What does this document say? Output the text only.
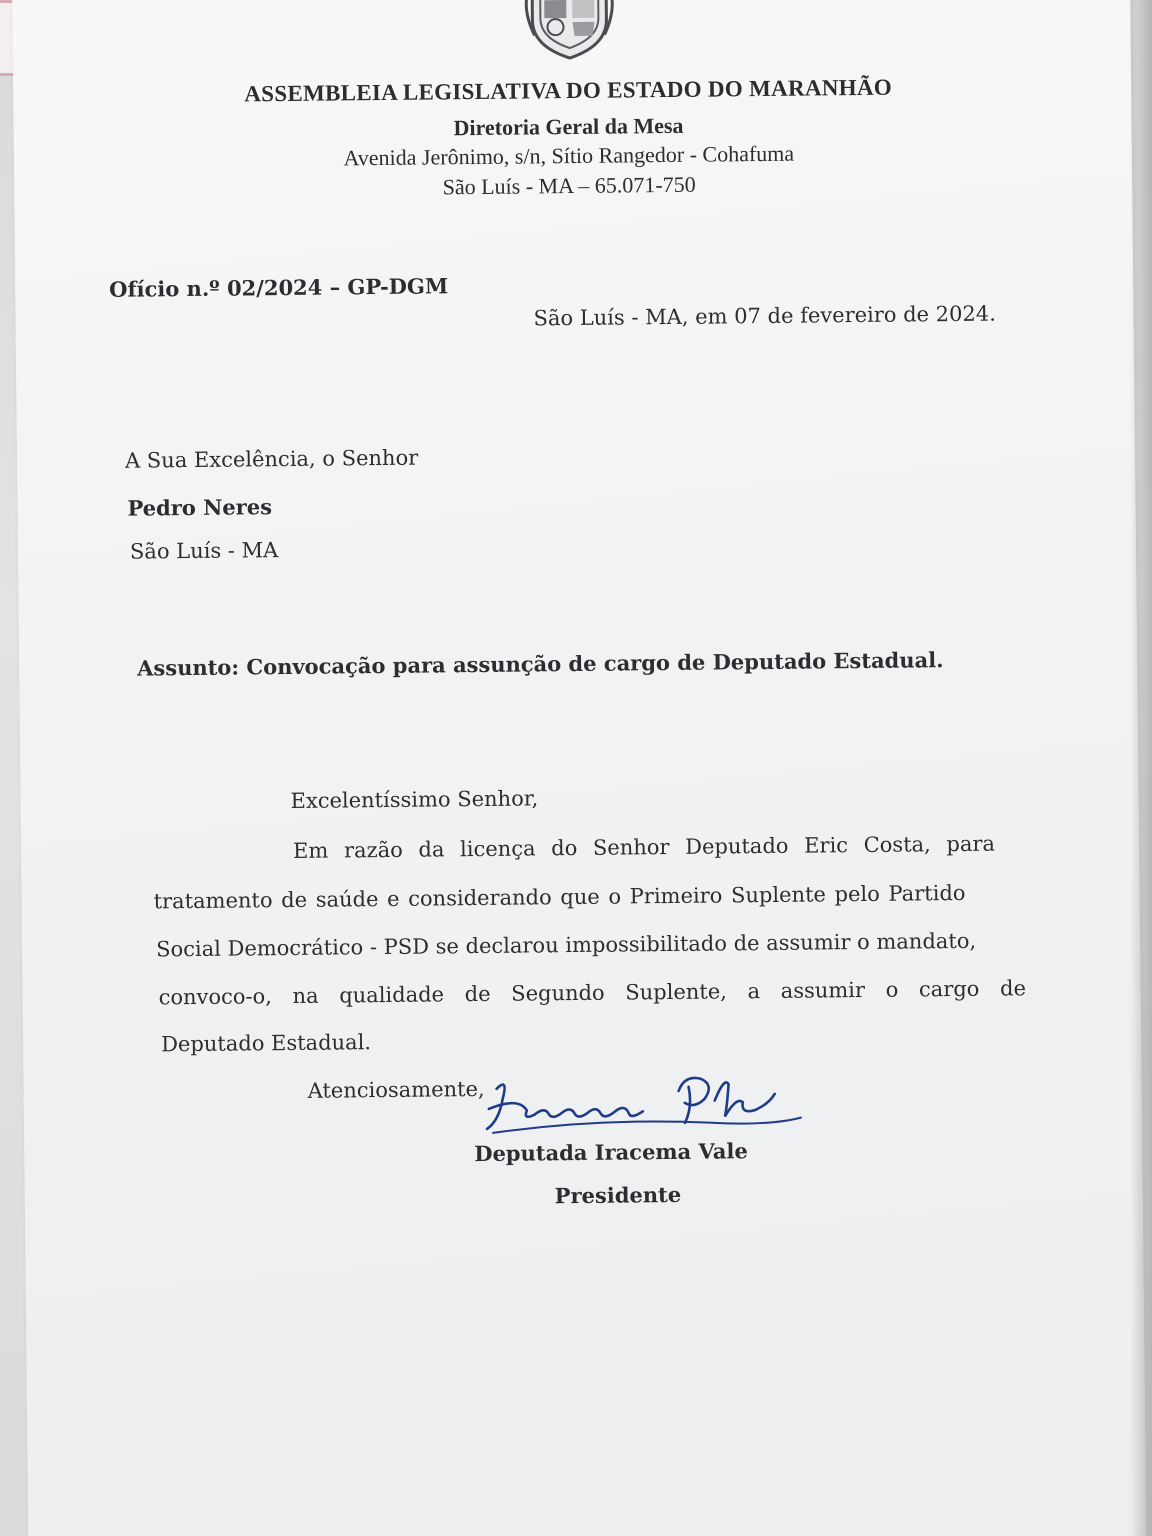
ASSEMBLEIA LEGISLATIVA DO ESTADO DO MARANHÃO
Diretoria Geral da Mesa
Avenida Jerônimo, s/n, Sítio Rangedor - Cohafuma
São Luís - MA – 65.071-750
Ofício n.º 02/2024 – GP-DGM
São Luís - MA, em 07 de fevereiro de 2024.
A Sua Excelência, o Senhor
Pedro Neres
São Luís - MA
Assunto: Convocação para assunção de cargo de Deputado Estadual.
Excelentíssimo Senhor,
Em razão da licença do Senhor Deputado Eric Costa, para
tratamento de saúde e considerando que o Primeiro Suplente pelo Partido
Social Democrático - PSD se declarou impossibilitado de assumir o mandato,
convoco-o, na qualidade de Segundo Suplente, a assumir o cargo de
Deputado Estadual.
Atenciosamente,
Deputada Iracema Vale
Presidente
